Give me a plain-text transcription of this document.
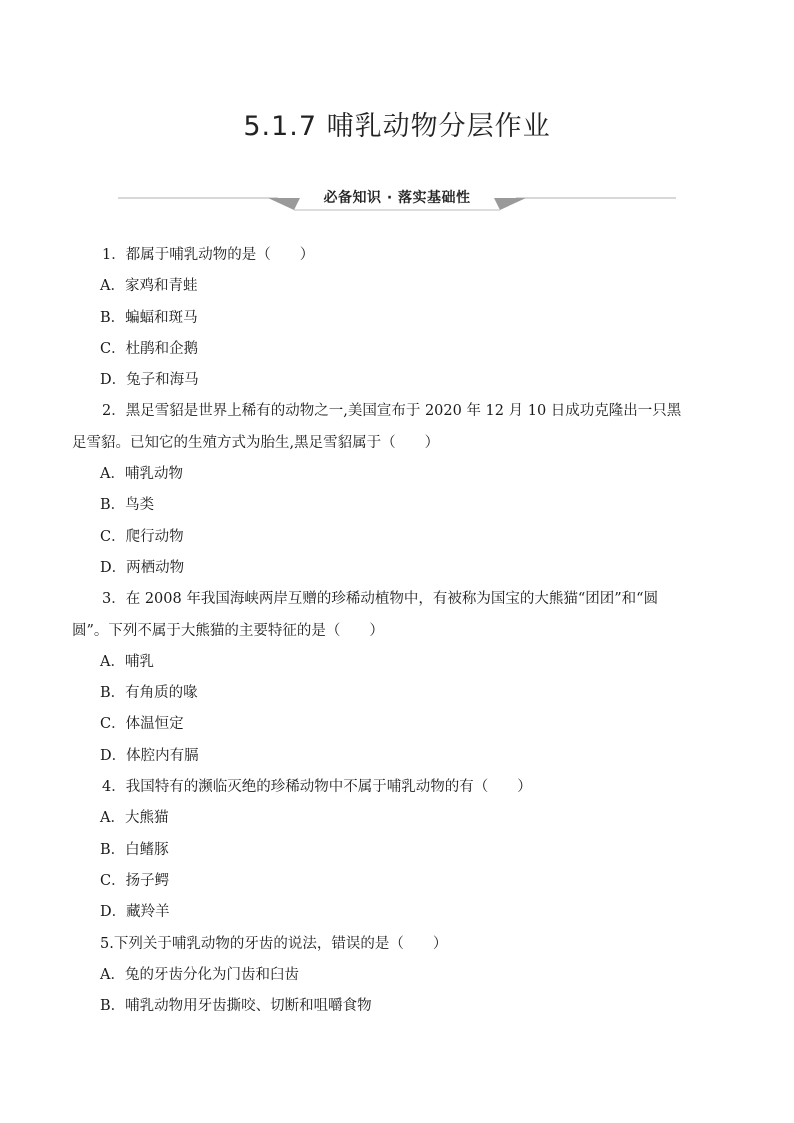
5.1.7 哺乳动物分层作业
必备知识 · 落实基础性
1．都属于哺乳动物的是（　　）
A．家鸡和青蛙
B．蝙蝠和斑马
C．杜鹃和企鹅
D．兔子和海马
2．黑足雪貂是世界上稀有的动物之一,美国宣布于 2020 年 12 月 10 日成功克隆出一只黑
足雪貂。已知它的生殖方式为胎生,黑足雪貂属于（　　）
A．哺乳动物
B．鸟类
C．爬行动物
D．两栖动物
3．在 2008 年我国海峡两岸互赠的珍稀动植物中，有被称为国宝的大熊猫“团团”和“圆
圆”。下列不属于大熊猫的主要特征的是（　　）
A．哺乳
B．有角质的喙
C．体温恒定
D．体腔内有膈
4．我国特有的濒临灭绝的珍稀动物中不属于哺乳动物的有（　　）
A．大熊猫
B．白鳍豚
C．扬子鳄
D．藏羚羊
5.下列关于哺乳动物的牙齿的说法，错误的是（　　）
A．兔的牙齿分化为门齿和臼齿
B．哺乳动物用牙齿撕咬、切断和咀嚼食物
